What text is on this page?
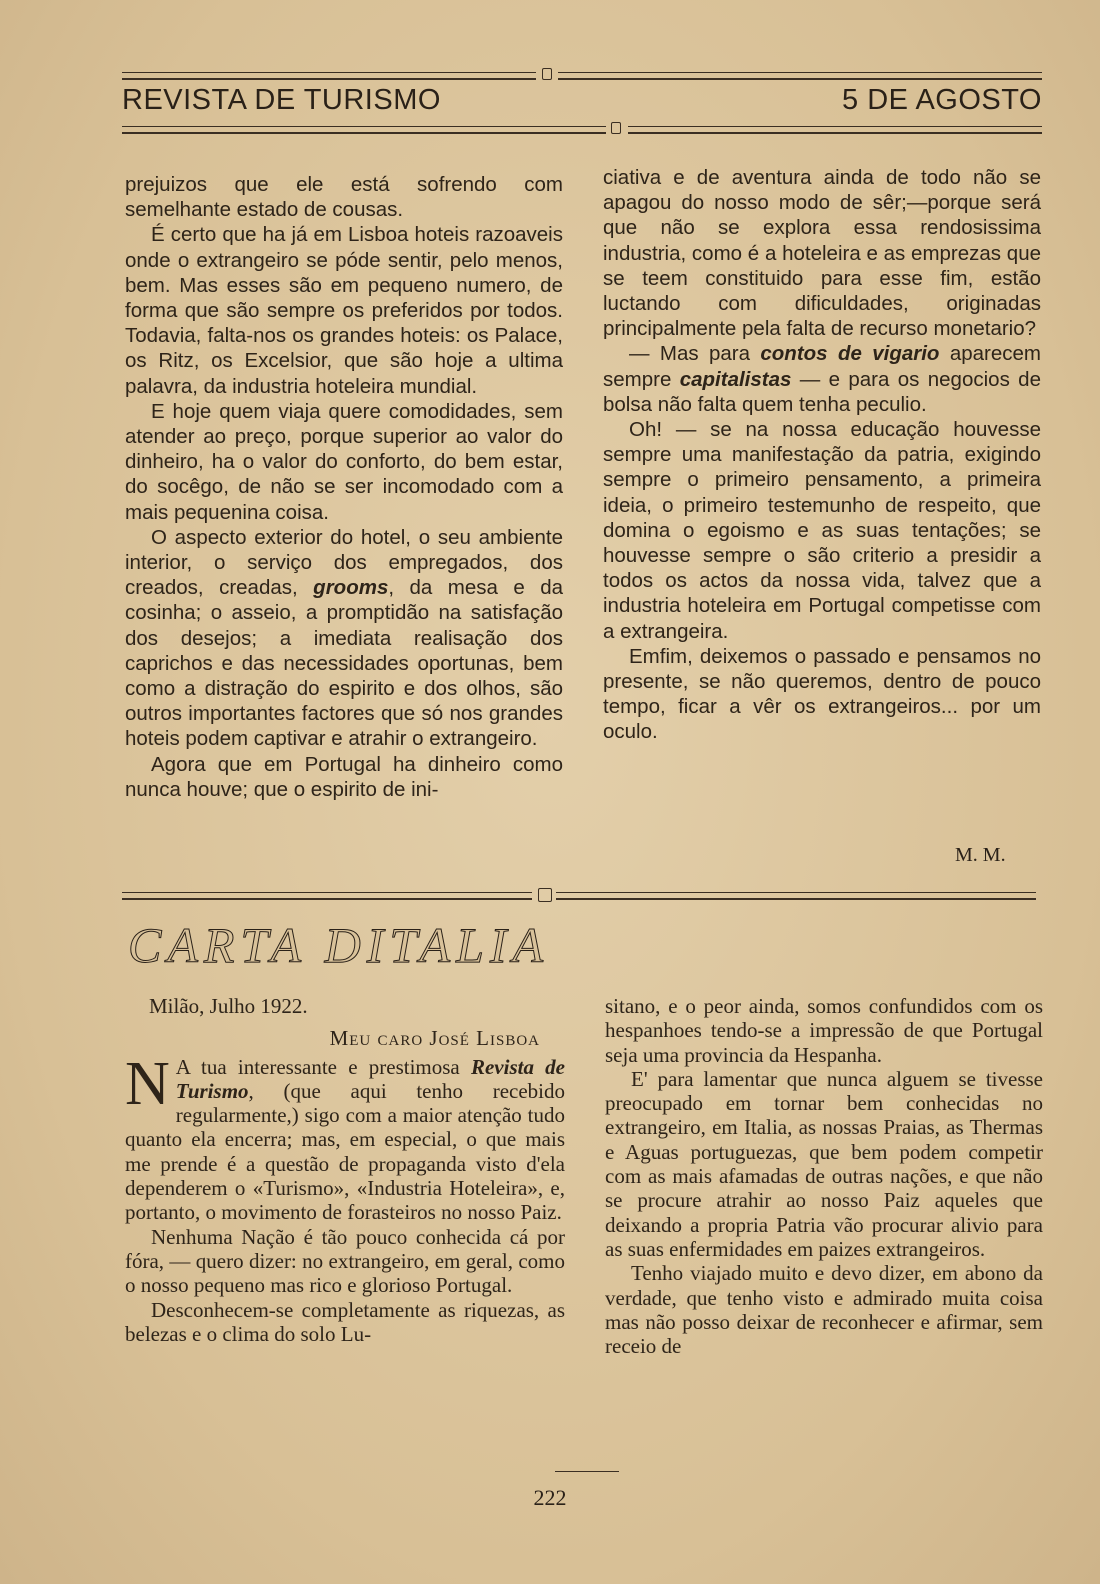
REVISTA DE TURISMO	5 DE AGOSTO

prejuizos que ele está sofrendo com semelhante estado de cousas.

É certo que ha já em Lisboa hoteis razoaveis onde o extrangeiro se póde sentir, pelo menos, bem. Mas esses são em pequeno numero, de forma que são sempre os preferidos por todos. Todavia, falta-nos os grandes hoteis: os Palace, os Ritz, os Excelsior, que são hoje a ultima palavra, da industria hoteleira mundial.

E hoje quem viaja quere comodidades, sem atender ao preço, porque superior ao valor do dinheiro, ha o valor do conforto, do bem estar, do socêgo, de não se ser incomodado com a mais pequenina coisa.

O aspecto exterior do hotel, o seu ambiente interior, o serviço dos empregados, dos creados, creadas, grooms, da mesa e da cosinha; o asseio, a promptidão na satisfação dos desejos; a imediata realisação dos caprichos e das necessidades oportunas, bem como a distração do espirito e dos olhos, são outros importantes factores que só nos grandes hoteis podem captivar e atrahir o extrangeiro.

Agora que em Portugal ha dinheiro como nunca houve; que o espirito de ini-

ciativa e de aventura ainda de todo não se apagou do nosso modo de sêr;—porque será que não se explora essa rendosissima industria, como é a hoteleira e as emprezas que se teem constituido para esse fim, estão luctando com dificuldades, originadas principalmente pela falta de recurso monetario?

— Mas para contos de vigario aparecem sempre capitalistas — e para os negocios de bolsa não falta quem tenha peculio.

Oh! — se na nossa educação houvesse sempre uma manifestação da patria, exigindo sempre o primeiro pensamento, a primeira ideia, o primeiro testemunho de respeito, que domina o egoismo e as suas tentações; se houvesse sempre o são criterio a presidir a todos os actos da nossa vida, talvez que a industria hoteleira em Portugal competisse com a extrangeira.

Emfim, deixemos o passado e pensamos no presente, se não queremos, dentro de pouco tempo, ficar a vêr os extrangeiros... por um oculo.

M. M.
CARTA DITALIA

Milão, Julho 1922.

Meu caro José Lisboa

N A tua interessante e prestimosa Revista de Turismo, (que aqui tenho recebido regularmente,) sigo com a maior atenção tudo quanto ela encerra; mas, em especial, o que mais me prende é a questão de propaganda visto d'ela dependerem o «Turismo», «Industria Hoteleira», e, portanto, o movimento de forasteiros no nosso Paiz.

Nenhuma Nação é tão pouco conhecida cá por fóra, — quero dizer: no extrangeiro, em geral, como o nosso pequeno mas rico e glorioso Portugal.

Desconhecem-se completamente as riquezas, as belezas e o clima do solo Lu-

sitano, e o peor ainda, somos confundidos com os hespanhoes tendo-se a impressão de que Portugal seja uma provincia da Hespanha.

E' para lamentar que nunca alguem se tivesse preocupado em tornar bem conhecidas no extrangeiro, em Italia, as nossas Praias, as Thermas e Aguas portuguezas, que bem podem competir com as mais afamadas de outras nações, e que não se procure atrahir ao nosso Paiz aqueles que deixando a propria Patria vão procurar alivio para as suas enfermidades em paizes extrangeiros.

Tenho viajado muito e devo dizer, em abono da verdade, que tenho visto e admirado muita coisa mas não posso deixar de reconhecer e afirmar, sem receio de

222
